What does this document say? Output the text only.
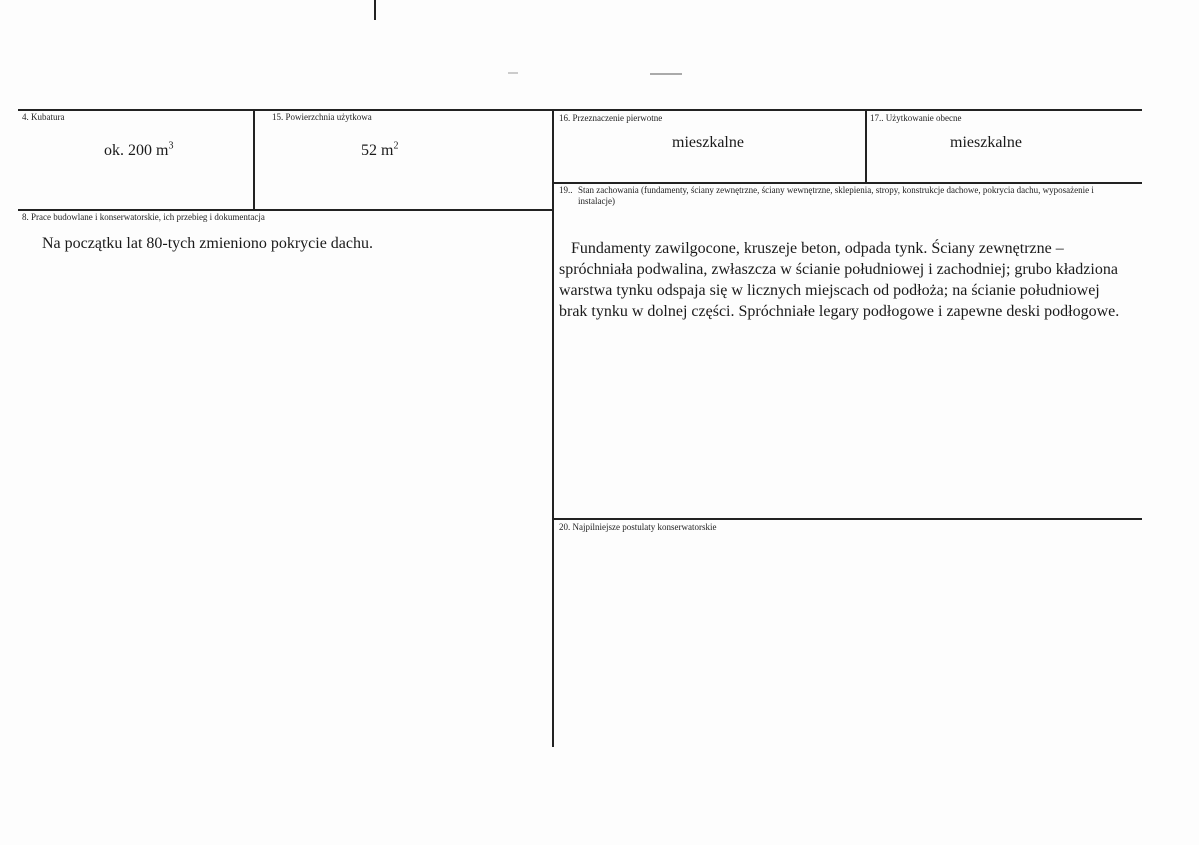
4. Kubatura
ok. 200 $m^3$
15. Powierzchnia użytkowa
52 $m^2$
16. Przeznaczenie pierwotne
mieszkalne
17.. Użytkowanie obecne
mieszkalne
19.. Stan zachowania (fundamenty, ściany zewnętrzne, ściany wewnętrzne, sklepienia, stropy, konstrukcje dachowe, pokrycia dachu, wyposażenie i instalacje)
Fundamenty zawilgocone, kruszeje beton, odpada tynk. Ściany zewnętrzne – spróchniała podwalina, zwłaszcza w ścianie południowej i zachodniej; grubo kładziona warstwa tynku odspaja się w licznych miejscach od podłoża; na ścianie południowej brak tynku w dolnej części. Spróchniałe legary podłogowe i zapewne deski podłogowe.
8. Prace budowlane i konserwatorskie, ich przebieg i dokumentacja
Na początku lat 80-tych zmieniono pokrycie dachu.
20. Najpilniejsze postulaty konserwatorskie
